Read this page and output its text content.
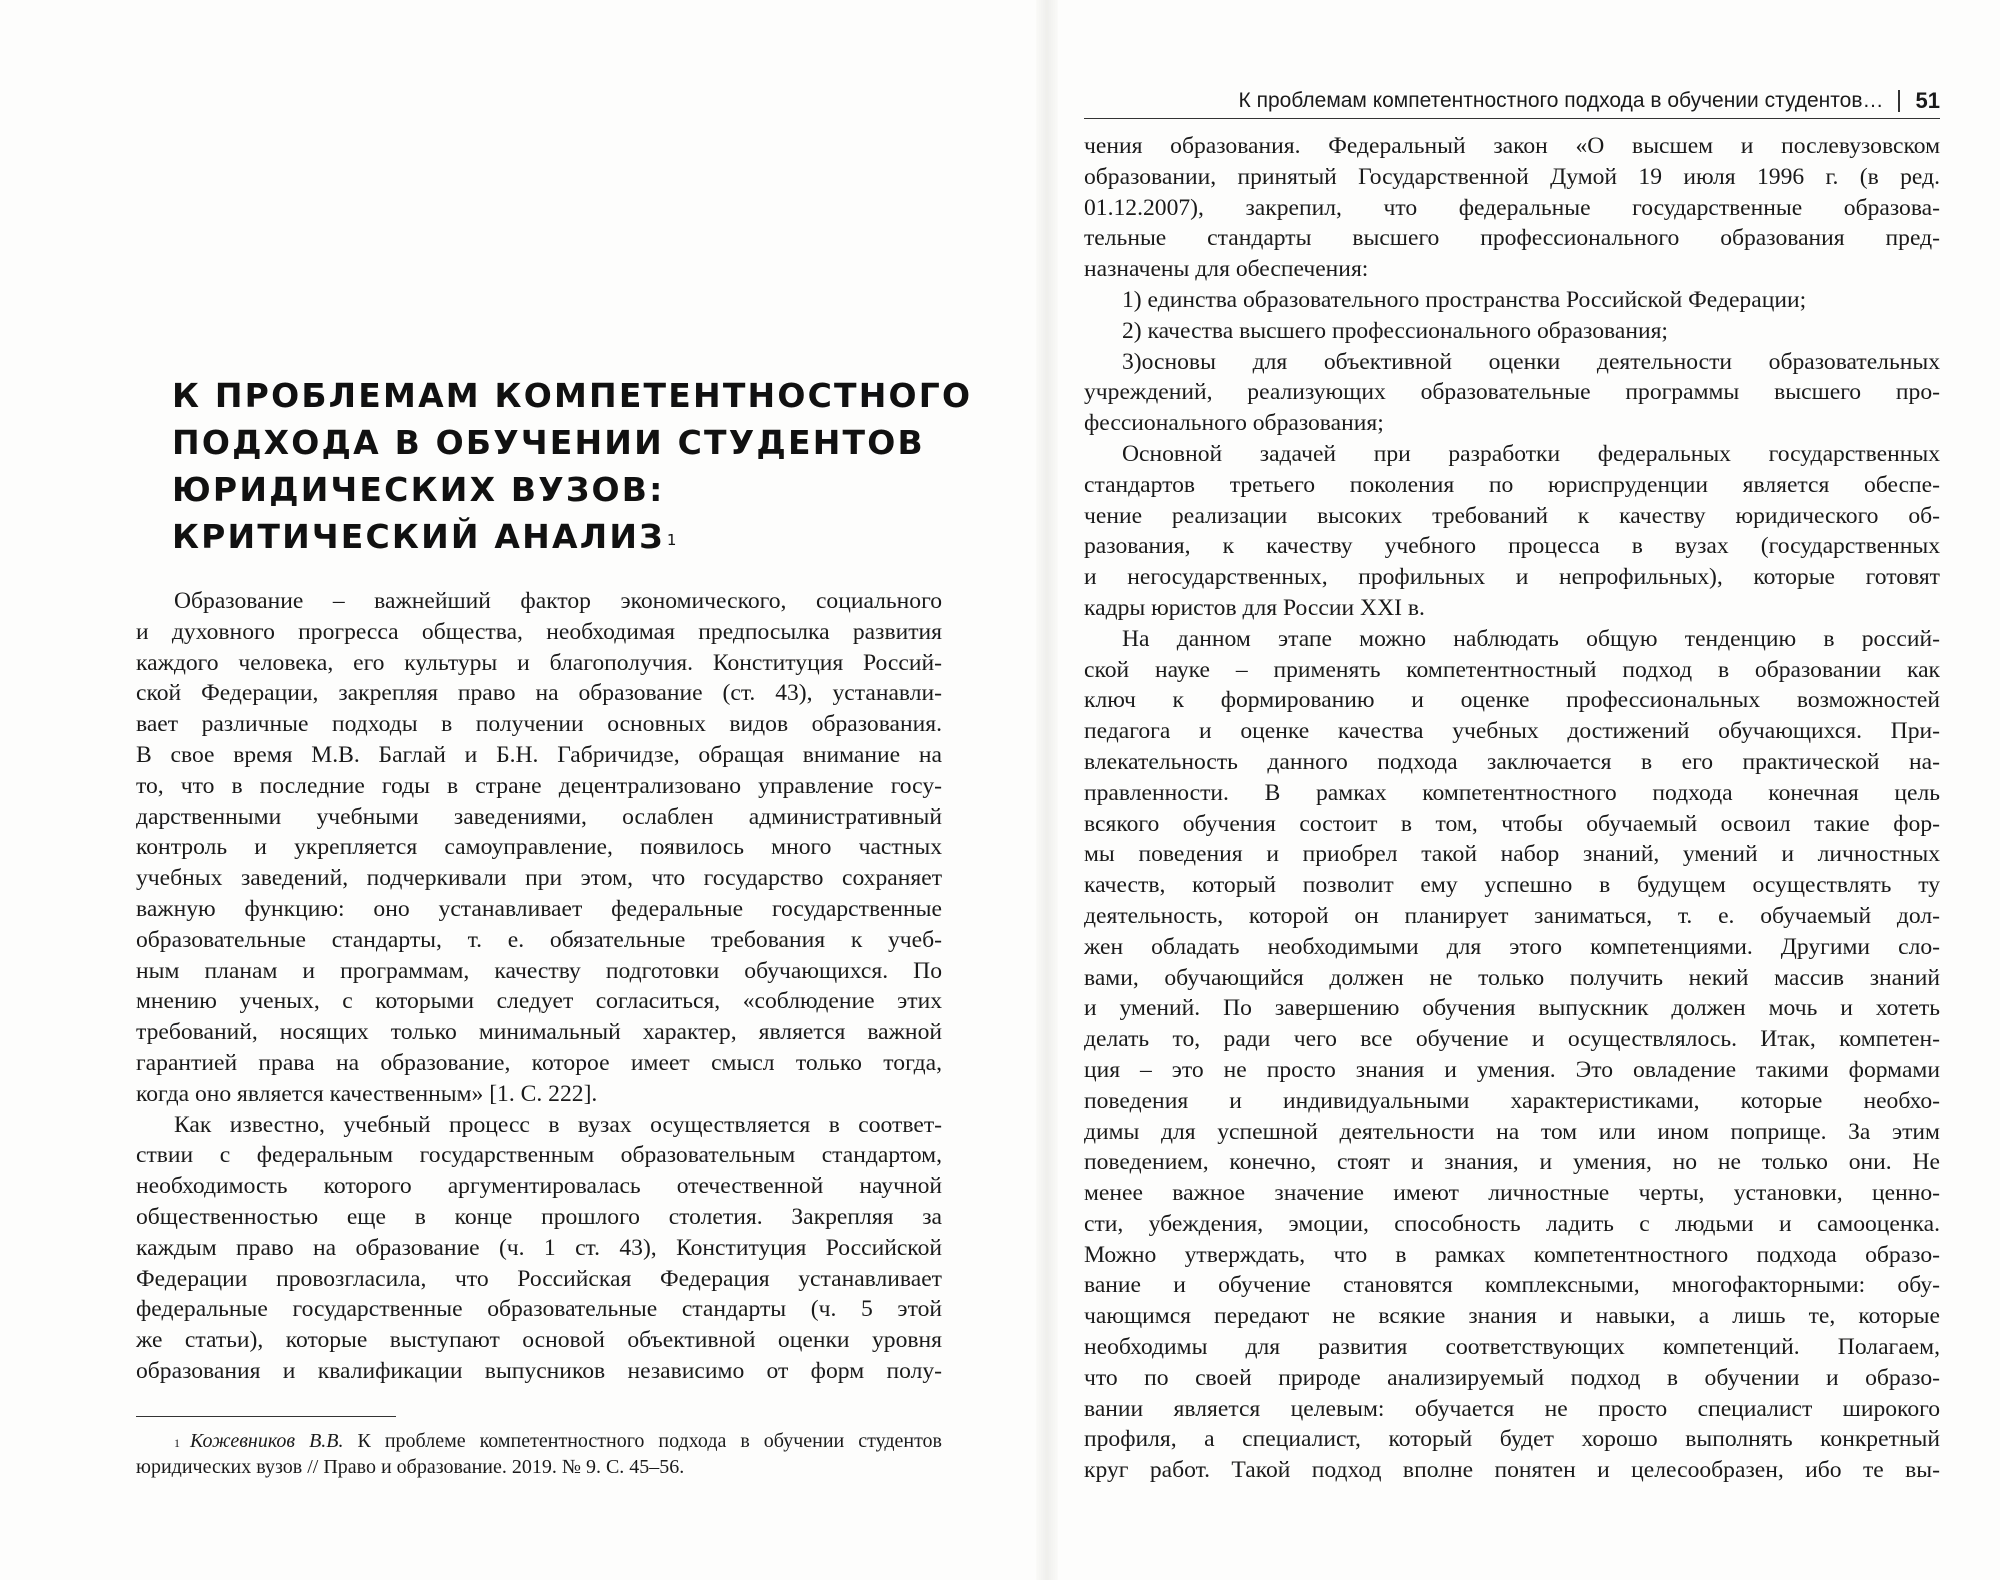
К ПРОБЛЕМАМ КОМПЕТЕНТНОСТНОГО
ПОДХОДА В ОБУЧЕНИИ СТУДЕНТОВ
ЮРИДИЧЕСКИХ ВУЗОВ:
КРИТИЧЕСКИЙ АНАЛИЗ $^1$
Образование – важнейший фактор экономического, социального
и духовного прогресса общества, необходимая предпосылка развития
каждого человека, его культуры и благополучия. Конституция Россий-
ской Федерации, закрепляя право на образование (ст. 43), устанавли-
вает различные подходы в получении основных видов образования.
В свое время М.В. Баглай и Б.Н. Габричидзе, обращая внимание на
то, что в последние годы в стране децентрализовано управление госу-
дарственными учебными заведениями, ослаблен административный
контроль и укрепляется самоуправление, появилось много частных
учебных заведений, подчеркивали при этом, что государство сохраняет
важную функцию: оно устанавливает федеральные государственные
образовательные стандарты, т. е. обязательные требования к учеб-
ным планам и программам, качеству подготовки обучающихся. По
мнению ученых, с которыми следует согласиться, «соблюдение этих
требований, носящих только минимальный характер, является важной
гарантией права на образование, которое имеет смысл только тогда,
когда оно является качественным» [1. С. 222].
Как известно, учебный процесс в вузах осуществляется в соответ-
ствии с федеральным государственным образовательным стандартом,
необходимость которого аргументировалась отечественной научной
общественностью еще в конце прошлого столетия. Закрепляя за
каждым право на образование (ч. 1 ст. 43), Конституция Российской
Федерации провозгласила, что Российская Федерация устанавливает
федеральные государственные образовательные стандарты (ч. 5 этой
же статьи), которые выступают основой объективной оценки уровня
образования и квалификации выпусников независимо от форм полу-
$^1$ Кожевников В.В. К проблеме компетентностного подхода в обучении студентов
юридических вузов // Право и образование. 2019. № 9. С. 45–56.
К проблемам компетентностного подхода в обучении студентов…	51
чения образования. Федеральный закон «О высшем и послевузовском
образовании, принятый Государственной Думой 19 июля 1996 г. (в ред.
01.12.2007), закрепил, что федеральные государственные образова-
тельные стандарты высшего профессионального образования пред-
назначены для обеспечения:
1) единства образовательного пространства Российской Федерации;
2) качества высшего профессионального образования;
3)основы для объективной оценки деятельности образовательных
учреждений, реализующих образовательные программы высшего про-
фессионального образования;
Основной задачей при разработки федеральных государственных
стандартов третьего поколения по юриспруденции является обеспе-
чение реализации высоких требований к качеству юридического об-
разования, к качеству учебного процесса в вузах (государственных
и негосударственных, профильных и непрофильных), которые готовят
кадры юристов для России XXI в.
На данном этапе можно наблюдать общую тенденцию в россий-
ской науке – применять компетентностный подход в образовании как
ключ к формированию и оценке профессиональных возможностей
педагога и оценке качества учебных достижений обучающихся. При-
влекательность данного подхода заключается в его практической на-
правленности. В рамках компетентностного подхода конечная цель
всякого обучения состоит в том, чтобы обучаемый освоил такие фор-
мы поведения и приобрел такой набор знаний, умений и личностных
качеств, который позволит ему успешно в будущем осуществлять ту
деятельность, которой он планирует заниматься, т. е. обучаемый дол-
жен обладать необходимыми для этого компетенциями. Другими сло-
вами, обучающийся должен не только получить некий массив знаний
и умений. По завершению обучения выпускник должен мочь и хотеть
делать то, ради чего все обучение и осуществлялось. Итак, компетен-
ция – это не просто знания и умения. Это овладение такими формами
поведения и индивидуальными характеристиками, которые необхо-
димы для успешной деятельности на том или ином поприще. За этим
поведением, конечно, стоят и знания, и умения, но не только они. Не
менее важное значение имеют личностные черты, установки, ценно-
сти, убеждения, эмоции, способность ладить с людьми и самооценка.
Можно утверждать, что в рамках компетентностного подхода образо-
вание и обучение становятся комплексными, многофакторными: обу-
чающимся передают не всякие знания и навыки, а лишь те, которые
необходимы для развития соответствующих компетенций. Полагаем,
что по своей природе анализируемый подход в обучении и образо-
вании является целевым: обучается не просто специалист широкого
профиля, а специалист, который будет хорошо выполнять конкретный
круг работ. Такой подход вполне понятен и целесообразен, ибо те вы-
